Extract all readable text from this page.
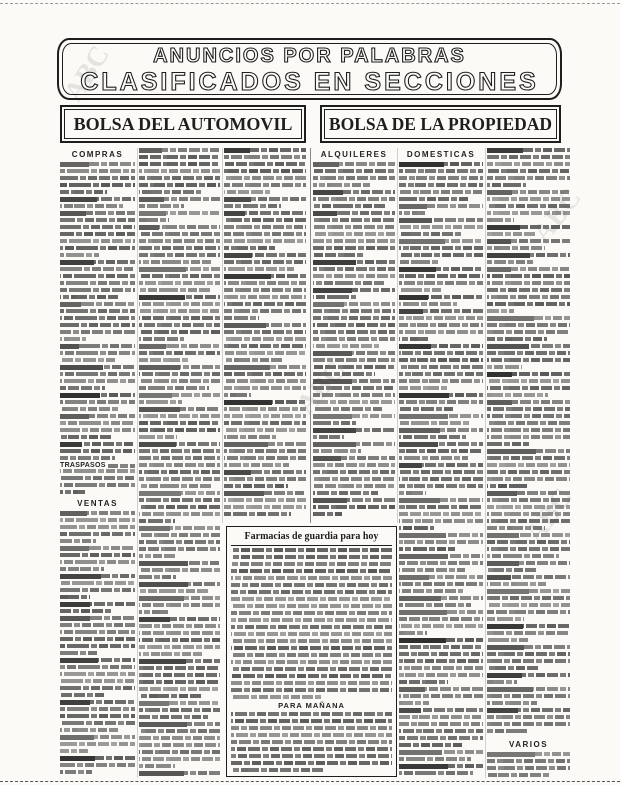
ABC
ABC
ANUNCIOS POR PALABRAS
CLASIFICADOS EN SECCIONES
BOLSA DEL AUTOMOVIL	BOLSA DE LA PROPIEDAD
COMPRAS
TRASPASOS
VENTAS
ALQUILERES	DOMESTICAS
VARIOS
Farmacias de guardia para hoy
PARA MAÑANA
